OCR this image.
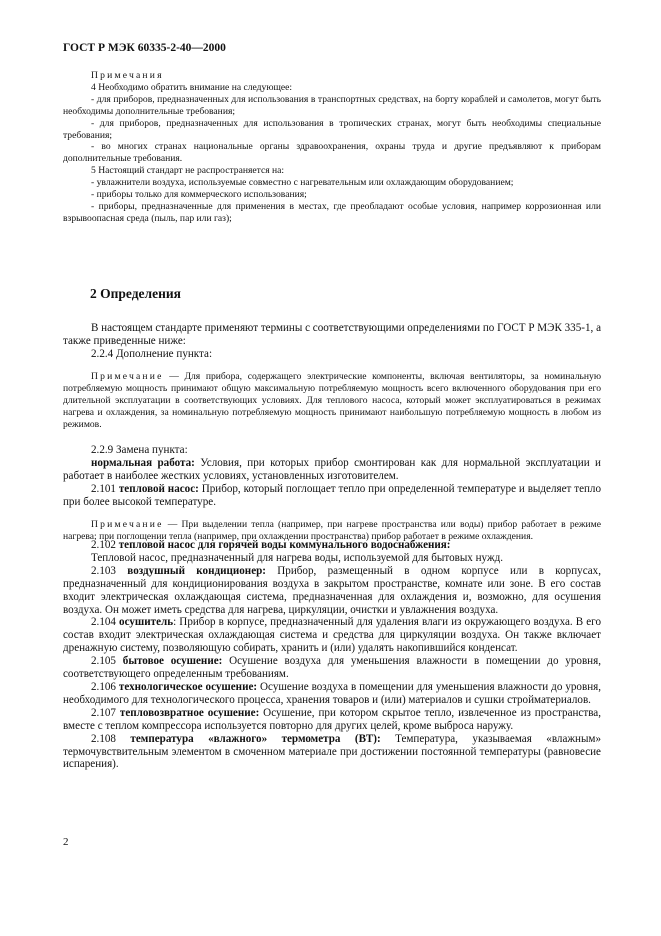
ГОСТ Р МЭК 60335-2-40—2000

Примечания

4 Необходимо обратить внимание на следующее:

- для приборов, предназначенных для использования в транспортных средствах, на борту кораблей и самолетов, могут быть необходимы дополнительные требования;

- для приборов, предназначенных для использования в тропических странах, могут быть необходимы специальные требования;

- во многих странах национальные органы здравоохранения, охраны труда и другие предъявляют к приборам дополнительные требования.

5 Настоящий стандарт не распространяется на:

- увлажнители воздуха, используемые совместно с нагревательным или охлаждающим оборудованием;

- приборы только для коммерческого использования;

- приборы, предназначенные для применения в местах, где преобладают особые условия, например коррозионная или взрывоопасная среда (пыль, пар или газ);

2 Определения

В настоящем стандарте применяют термины с соответствующими определениями по ГОСТ Р МЭК 335-1, а также приведенные ниже:

2.2.4 Дополнение пункта:

Примечание — Для прибора, содержащего электрические компоненты, включая вентиляторы, за номинальную потребляемую мощность принимают общую максимальную потребляемую мощность всего включенного оборудования при его длительной эксплуатации в соответствующих условиях. Для теплового насоса, который может эксплуатироваться в режимах нагрева и охлаждения, за номинальную потребляемую мощность принимают наибольшую потребляемую мощность в любом из режимов.

2.2.9 Замена пункта:

нормальная работа: Условия, при которых прибор смонтирован как для нормальной эксплуатации и работает в наиболее жестких условиях, установленных изготовителем.

2.101 тепловой насос: Прибор, который поглощает тепло при определенной температуре и выделяет тепло при более высокой температуре.

Примечание — При выделении тепла (например, при нагреве пространства или воды) прибор работает в режиме нагрева; при поглощении тепла (например, при охлаждении пространства) прибор работает в режиме охлаждения.

2.102 тепловой насос для горячей воды коммунального водоснабжения:

Тепловой насос, предназначенный для нагрева воды, используемой для бытовых нужд.

2.103 воздушный кондиционер: Прибор, размещенный в одном корпусе или в корпусах, предназначенный для кондиционирования воздуха в закрытом пространстве, комнате или зоне. В его состав входит электрическая охлаждающая система, предназначенная для охлаждения и, возможно, для осушения воздуха. Он может иметь средства для нагрева, циркуляции, очистки и увлажнения воздуха.

2.104 осушитель: Прибор в корпусе, предназначенный для удаления влаги из окружающего воздуха. В его состав входит электрическая охлаждающая система и средства для циркуляции воздуха. Он также включает дренажную систему, позволяющую собирать, хранить и (или) удалять накопившийся конденсат.

2.105 бытовое осушение: Осушение воздуха для уменьшения влажности в помещении до уровня, соответствующего определенным требованиям.

2.106 технологическое осушение: Осушение воздуха в помещении для уменьшения влажности до уровня, необходимого для технологического процесса, хранения товаров и (или) материалов и сушки стройматериалов.

2.107 тепловозвратное осушение: Осушение, при котором скрытое тепло, извлеченное из пространства, вместе с теплом компрессора используется повторно для других целей, кроме выброса наружу.

2.108 температура «влажного» термометра (ВТ): Температура, указываемая «влажным» термочувствительным элементом в смоченном материале при достижении постоянной температуры (равновесие испарения).

2
